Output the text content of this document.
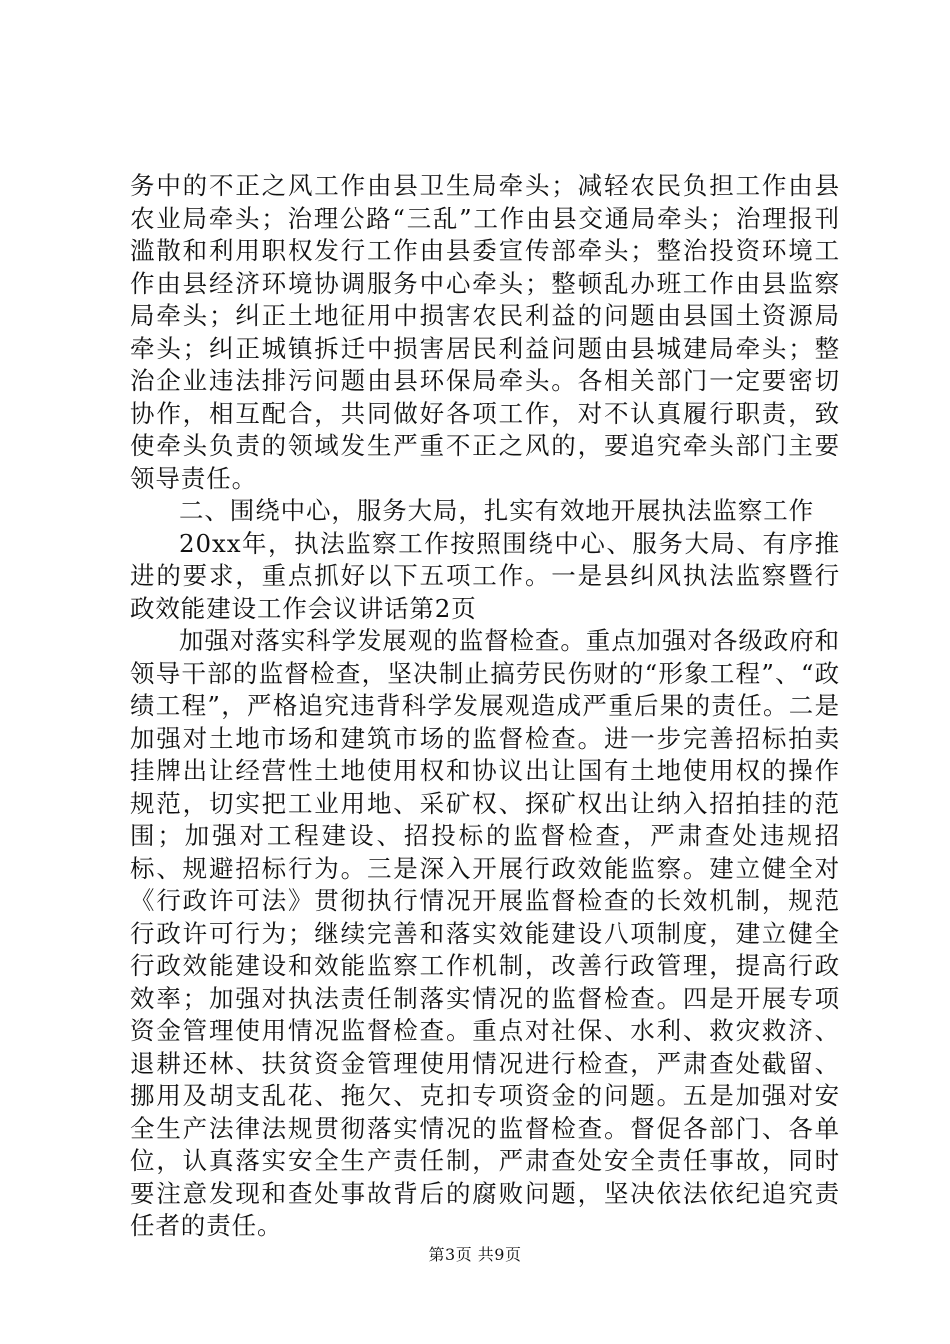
务中的不正之风工作由县卫生局牵头；减轻农民负担工作由县农业局牵头；治理公路“三乱”工作由县交通局牵头；治理报刊滥散和利用职权发行工作由县委宣传部牵头；整治投资环境工作由县经济环境协调服务中心牵头；整顿乱办班工作由县监察局牵头；纠正土地征用中损害农民利益的问题由县国土资源局牵头；纠正城镇拆迁中损害居民利益问题由县城建局牵头；整治企业违法排污问题由县环保局牵头。各相关部门一定要密切协作，相互配合，共同做好各项工作，对不认真履行职责，致使牵头负责的领域发生严重不正之风的，要追究牵头部门主要领导责任。

二、围绕中心，服务大局，扎实有效地开展执法监察工作

20xx年，执法监察工作按照围绕中心、服务大局、有序推进的要求，重点抓好以下五项工作。一是县纠风执法监察暨行政效能建设工作会议讲话第2页

加强对落实科学发展观的监督检查。重点加强对各级政府和领导干部的监督检查，坚决制止搞劳民伤财的“形象工程”、“政绩工程”，严格追究违背科学发展观造成严重后果的责任。二是加强对土地市场和建筑市场的监督检查。进一步完善招标拍卖挂牌出让经营性土地使用权和协议出让国有土地使用权的操作规范，切实把工业用地、采矿权、探矿权出让纳入招拍挂的范围；加强对工程建设、招投标的监督检查，严肃查处违规招标、规避招标行为。三是深入开展行政效能监察。建立健全对《行政许可法》贯彻执行情况开展监督检查的长效机制，规范行政许可行为；继续完善和落实效能建设八项制度，建立健全行政效能建设和效能监察工作机制，改善行政管理，提高行政效率；加强对执法责任制落实情况的监督检查。四是开展专项资金管理使用情况监督检查。重点对社保、水利、救灾救济、退耕还林、扶贫资金管理使用情况进行检查，严肃查处截留、挪用及胡支乱花、拖欠、克扣专项资金的问题。五是加强对安全生产法律法规贯彻落实情况的监督检查。督促各部门、各单位，认真落实安全生产责任制，严肃查处安全责任事故，同时要注意发现和查处事故背后的腐败问题，坚决依法依纪追究责任者的责任。

第3页 共9页
